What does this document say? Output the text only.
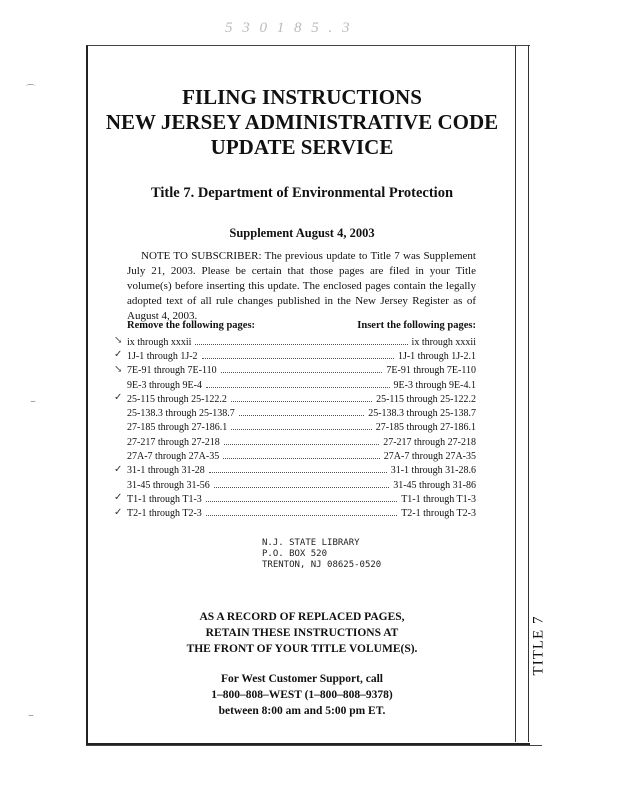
5 3 0 1 8 5 . 3
⌒
⌣
⌣
FILING INSTRUCTIONS
NEW JERSEY ADMINISTRATIVE CODE
UPDATE SERVICE
Title 7. Department of Environmental Protection
Supplement August 4, 2003

NOTE TO SUBSCRIBER: The previous update to Title 7 was Supplement July 21, 2003. Please be certain that those pages are filed in your Title volume(s) before inserting this update. The enclosed pages contain the legally adopted text of all rule changes published in the New Jersey Register as of August 4, 2003.

Remove the following pages:	Insert the following pages:
↘ ix through xxxii	ix through xxxii
✓ 1J-1 through 1J-2	1J-1 through 1J-2.1
↘ 7E-91 through 7E-110	7E-91 through 7E-110
9E-3 through 9E-4	9E-3 through 9E-4.1
✓ 25-115 through 25-122.2	25-115 through 25-122.2
25-138.3 through 25-138.7	25-138.3 through 25-138.7
27-185 through 27-186.1	27-185 through 27-186.1
27-217 through 27-218	27-217 through 27-218
27A-7 through 27A-35	27A-7 through 27A-35
✓ 31-1 through 31-28	31-1 through 31-28.6
31-45 through 31-56	31-45 through 31-86
✓ T1-1 through T1-3	T1-1 through T1-3
✓ T2-1 through T2-3	T2-1 through T2-3
N.J. STATE LIBRARY
P.O. BOX 520
TRENTON, NJ 08625-0520
AS A RECORD OF REPLACED PAGES,
RETAIN THESE INSTRUCTIONS AT
THE FRONT OF YOUR TITLE VOLUME(S).
For West Customer Support, call
1–800–808–WEST (1–800–808–9378)
between 8:00 am and 5:00 pm ET.
TITLE 7
